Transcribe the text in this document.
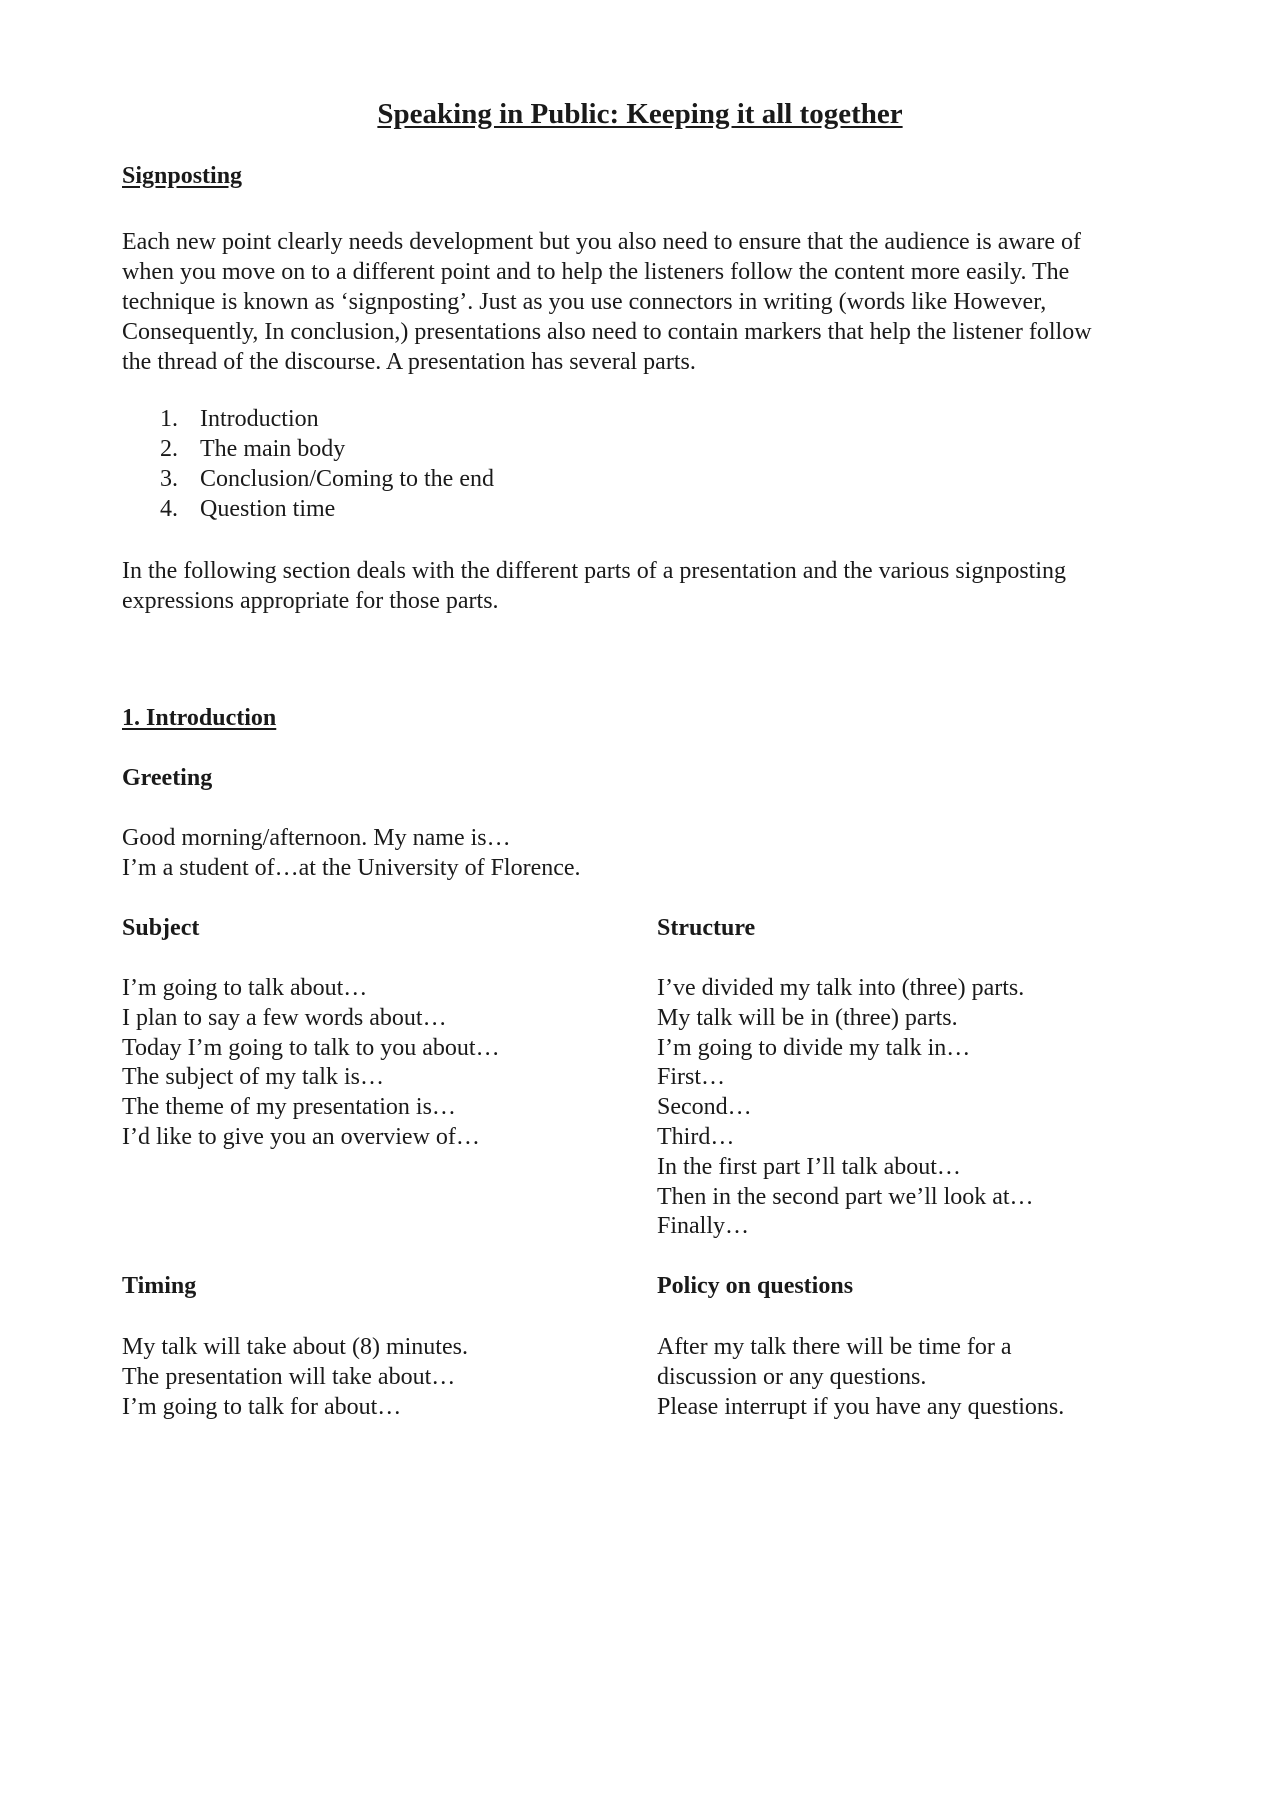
Speaking in Public: Keeping it all together
Signposting
Each new point clearly needs development but you also need to ensure that the audience is aware of
when you move on to a different point and to help the listeners follow the content more easily. The
technique is known as ‘signposting’. Just as you use connectors in writing (words like However,
Consequently, In conclusion,) presentations also need to contain markers that help the listener follow
the thread of the discourse. A presentation has several parts.
1. Introduction
2. The main body
3. Conclusion/Coming to the end
4. Question time
In the following section deals with the different parts of a presentation and the various signposting
expressions appropriate for those parts.
1. Introduction
Greeting
Good morning/afternoon. My name is…
I’m a student of…at the University of Florence.
Subject
I’m going to talk about…
I plan to say a few words about…
Today I’m going to talk to you about…
The subject of my talk is…
The theme of my presentation is…
I’d like to give you an overview of…
Structure
I’ve divided my talk into (three) parts.
My talk will be in (three) parts.
I’m going to divide my talk in…
First…
Second…
Third…
In the first part I’ll talk about…
Then in the second part we’ll look at…
Finally…
Timing
My talk will take about (8) minutes.
The presentation will take about…
I’m going to talk for about…
Policy on questions
After my talk there will be time for a
discussion or any questions.
Please interrupt if you have any questions.
